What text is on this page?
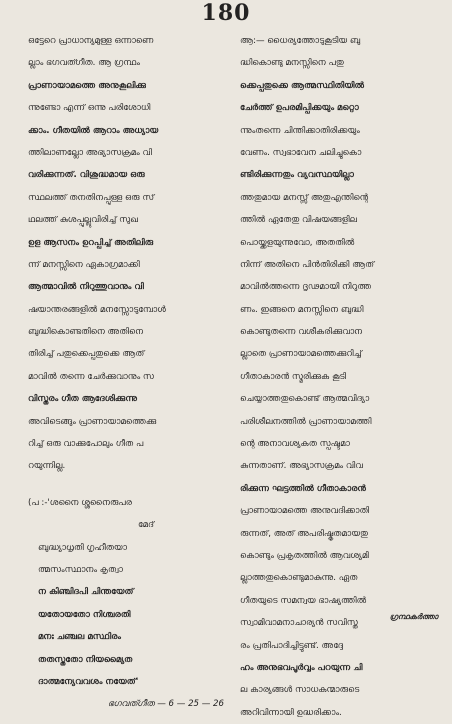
180
ഒട്ടേറെ പ്രാധാന്യമുള്ള ഒന്നാണെ
ല്ലാം ഭഗവത്ഗീത. ആ ഗ്രന്ഥം
പ്രാണായാമത്തെ അനുകൂലിക്കു
ന്നുണ്ടോ എന്ന് ഒന്നു പരിശോധി
ക്കാം. ഗീതയിൽ ആറാം അധ്യായ
ത്തിലാണല്ലോ അഭ്യാസക്രമം വി
വരിക്കുന്നത്. വിശുദ്ധമായ ഒരു
സ്ഥലത്ത് തനതിനപ്പുള്ള ഒരു സ്
ഥലത്ത് കുശപ്പുല്ലുവിരിച്ച് സുഖ
ഉള ആസനം ഉറപ്പിച്ച് അതിലിരു
ന്ന് മനസ്സിനെ ഏകാഗ്രമാക്കി
ആത്മാവിൽ നിറുത്തുവാനും വി
ഷയാന്തരങ്ങളിൽ മനസ്സോടുമ്പോൾ
ബുദ്ധികൊണ്ടതിനെ അതിനെ
തിരിച്ച് പതുക്കെപ്പതുക്കെ ആത്
മാവിൽ തന്നെ ചേർക്കുവാനും സ
വിസ്തരം ഗീത ആദേശിക്കുന്നു
അവിടെങ്ങും പ്രാണായാമത്തെക്കു
റിച്ച് ഒരു വാക്കുപോലും ഗീത പ
റയുന്നില്ല.
(പ :-'ശനൈ ശ്ശനൈരുപര
മേദ്
ബുദ്ധ്യാധൃതി ഗൃഹീതയാ
ത്മസംസ്ഥാനം കൃത്വാ
ന കിഞ്ചിദപി ചിന്തയേത്
യതോയതോ നിശ്ചരതി
മനഃ ചഞ്ചല മസ്ഥിരം
തതസ്തതോ നിയമ്യൈത
ദാത്മന്യേവവശം നയേത്'
ഭഗവത്ഗീത — 6 — 25 — 26
ആ:— ധൈര്യത്തോടുകൂടിയ ബു
ദ്ധികൊണ്ടു മനസ്സിനെ പതു
ക്കെപ്പതുക്കെ ആത്മസ്ഥിതിയിൽ
ചേർത്ത് ഉപരമിപ്പിക്കയും മറ്റൊ
ന്നുംതന്നെ ചിന്തിക്കാതിരിക്കയും
വേണം. സ്വഭാവേന ചലിച്ചുകൊ
ണ്ടിരിക്കുന്നതും വ്യവസ്ഥയില്ലാ
ത്തതുമായ മനസ്സ് അതുഎന്തിന്റെ
ത്തിൽ ഏതേതു വിഷയങ്ങളില
പൊയ്ക്കളയുന്നുവോ, അതതിൽ
നിന്ന് അതിനെ പിൻതിരിക്കി ആത്
മാവിൽത്തന്നെ ദൃഢമായി നിറുത്ത
ണം. ഇങ്ങനെ മനസ്സിനെ ബുദ്ധി
കൊണ്ടുതന്നെ വശീകരിക്കുവാന
ല്ലാതെ പ്രാണായാമത്തെക്കുറിച്ച്
ഗീതാകാരൻ സ്മരിക്കുക കൂടി
ചെയ്യാത്തതുകൊണ്ട് ആത്മവിദ്യാ
പരിശീലനത്തിൽ പ്രാണായാമത്തി
ന്റെ അനാവശ്യകത സ്പഷ്ടമാ
കുന്നതാണ്. അഭ്യാസക്രമം വിവ
രിക്കുന്ന ഘട്ടത്തിൽ ഗീതാകാരൻ
പ്രാണായാമത്തെ അനുവദിക്കാതി
രുന്നത്, അത് അപരിഷ്കൃതമായതു
കൊണ്ടും പ്രകൃതത്തിൽ ആവശ്യമി
ല്ലാത്തതുകൊണ്ടുമാകുന്നു. ഏത
ഗീതയുടെ സമന്വയ ഭാഷ്യത്തിൽ
സ്വാമിവാമനാചാര്യൻ സവിസ്ത
രം പ്രതിപാദിച്ചിട്ടുണ്ട്. അദ്ദേ
ഹം അനുഭവപൂർവ്വം പറയുന്ന ചി
ല കാര്യങ്ങൾ സാധകന്മാരുടെ
അറിവിന്നായി ഉദ്ധരിക്കാം.
ഗ്രന്ഥകർത്താ
